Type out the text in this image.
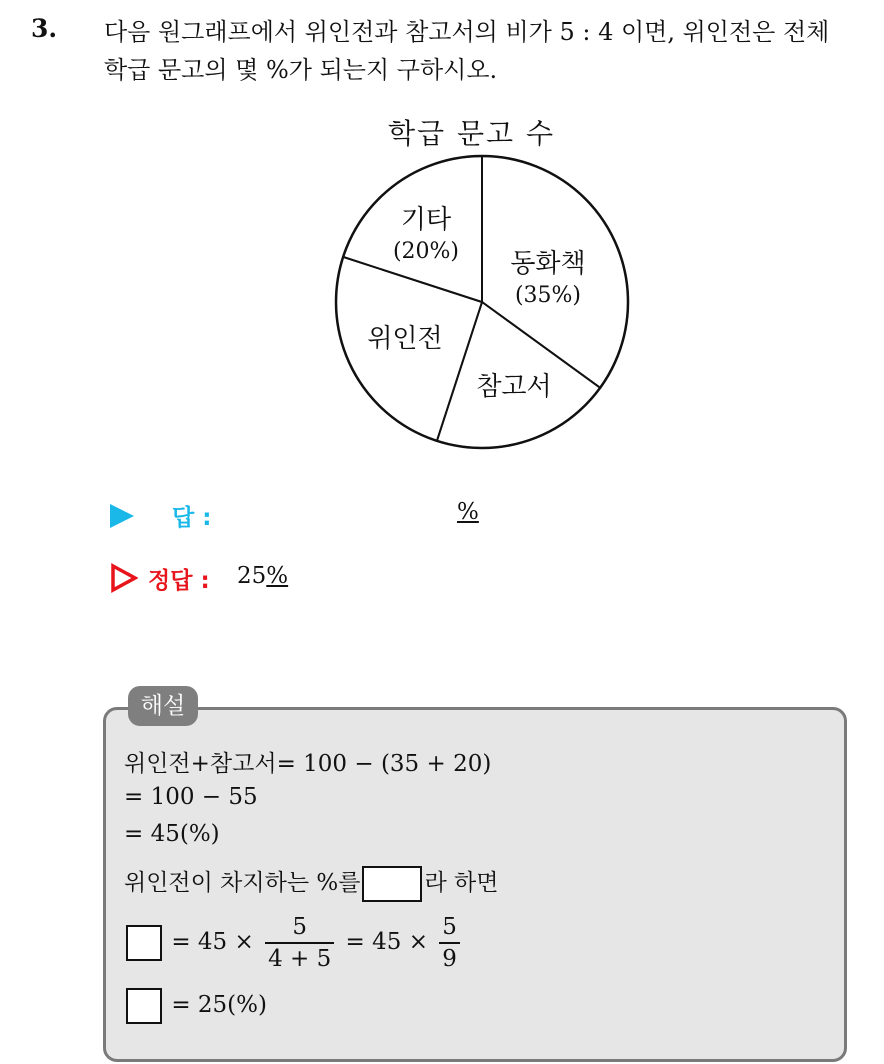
3. 다음 원그래프에서 위인전과 참고서의 비가 5 : 4 이면, 위인전은 전체
학급 문고의 몇 %가 되는지 구하시오.
학급 문고 수
기타
(20%) 동화책
(35%)
위인전
참고서
답 :	%
정답 : 25%
해설
위인전+참고서= 100 − (35 + 20)
= 100 − 55
= 45(%)
위인전이 차지하는 %를	라 하면
= $45 \times \frac{5}{4 + 5} = 45 \times \frac{5}{9}$
= 25(%)
